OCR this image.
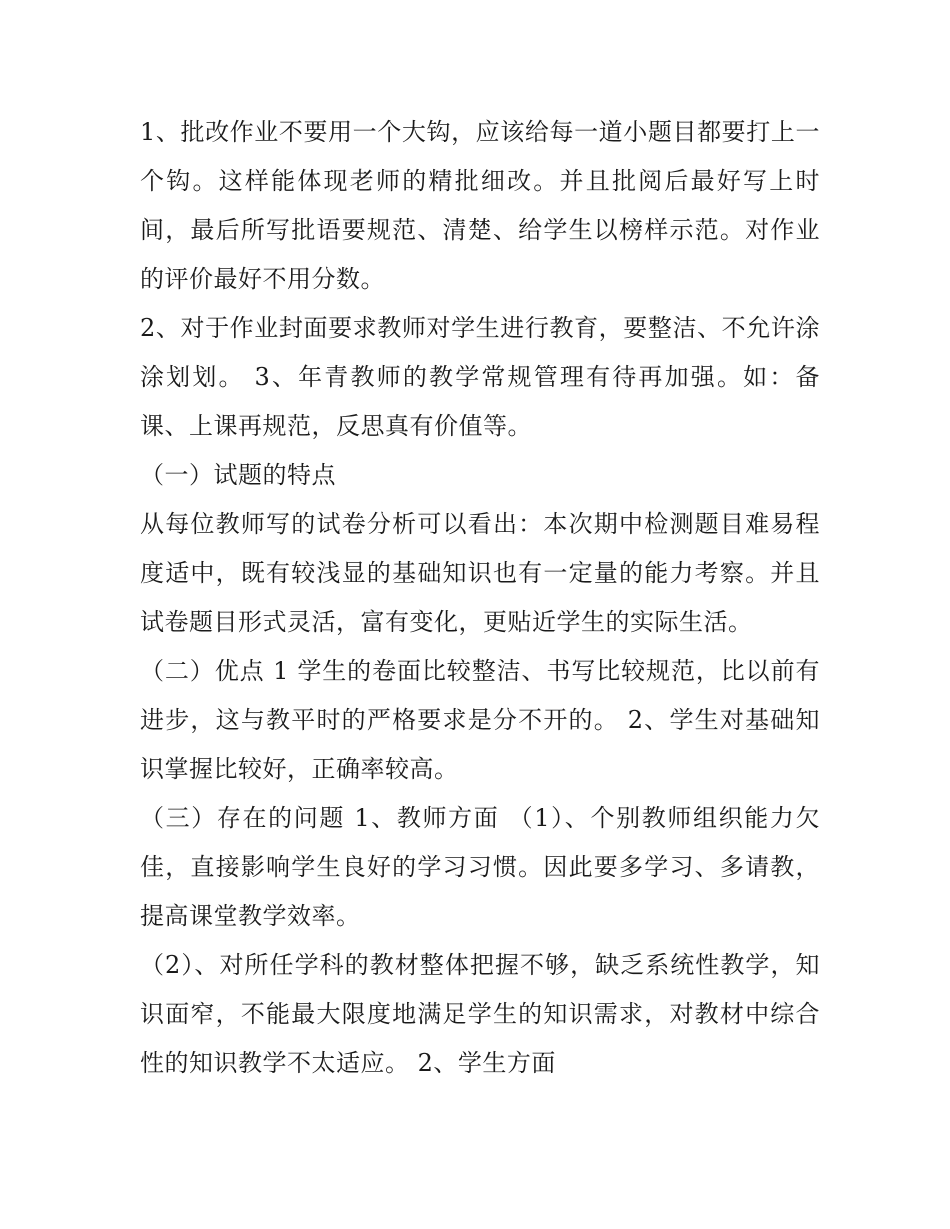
1、批改作业不要用一个大钩，应该给每一道小题目都要打上一个钩。这样能体现老师的精批细改。并且批阅后最好写上时间，最后所写批语要规范、清楚、给学生以榜样示范。对作业的评价最好不用分数。

2、对于作业封面要求教师对学生进行教育，要整洁、不允许涂涂划划。 3、年青教师的教学常规管理有待再加强。如：备课、上课再规范，反思真有价值等。

（一）试题的特点

从每位教师写的试卷分析可以看出：本次期中检测题目难易程度适中，既有较浅显的基础知识也有一定量的能力考察。并且试卷题目形式灵活，富有变化，更贴近学生的实际生活。

（二）优点 1 学生的卷面比较整洁、书写比较规范，比以前有进步，这与教平时的严格要求是分不开的。 2、学生对基础知识掌握比较好，正确率较高。

（三）存在的问题 1、教师方面 （1）、个别教师组织能力欠佳，直接影响学生良好的学习习惯。因此要多学习、多请教，提高课堂教学效率。

（2）、对所任学科的教材整体把握不够，缺乏系统性教学，知识面窄，不能最大限度地满足学生的知识需求，对教材中综合性的知识教学不太适应。 2、学生方面
